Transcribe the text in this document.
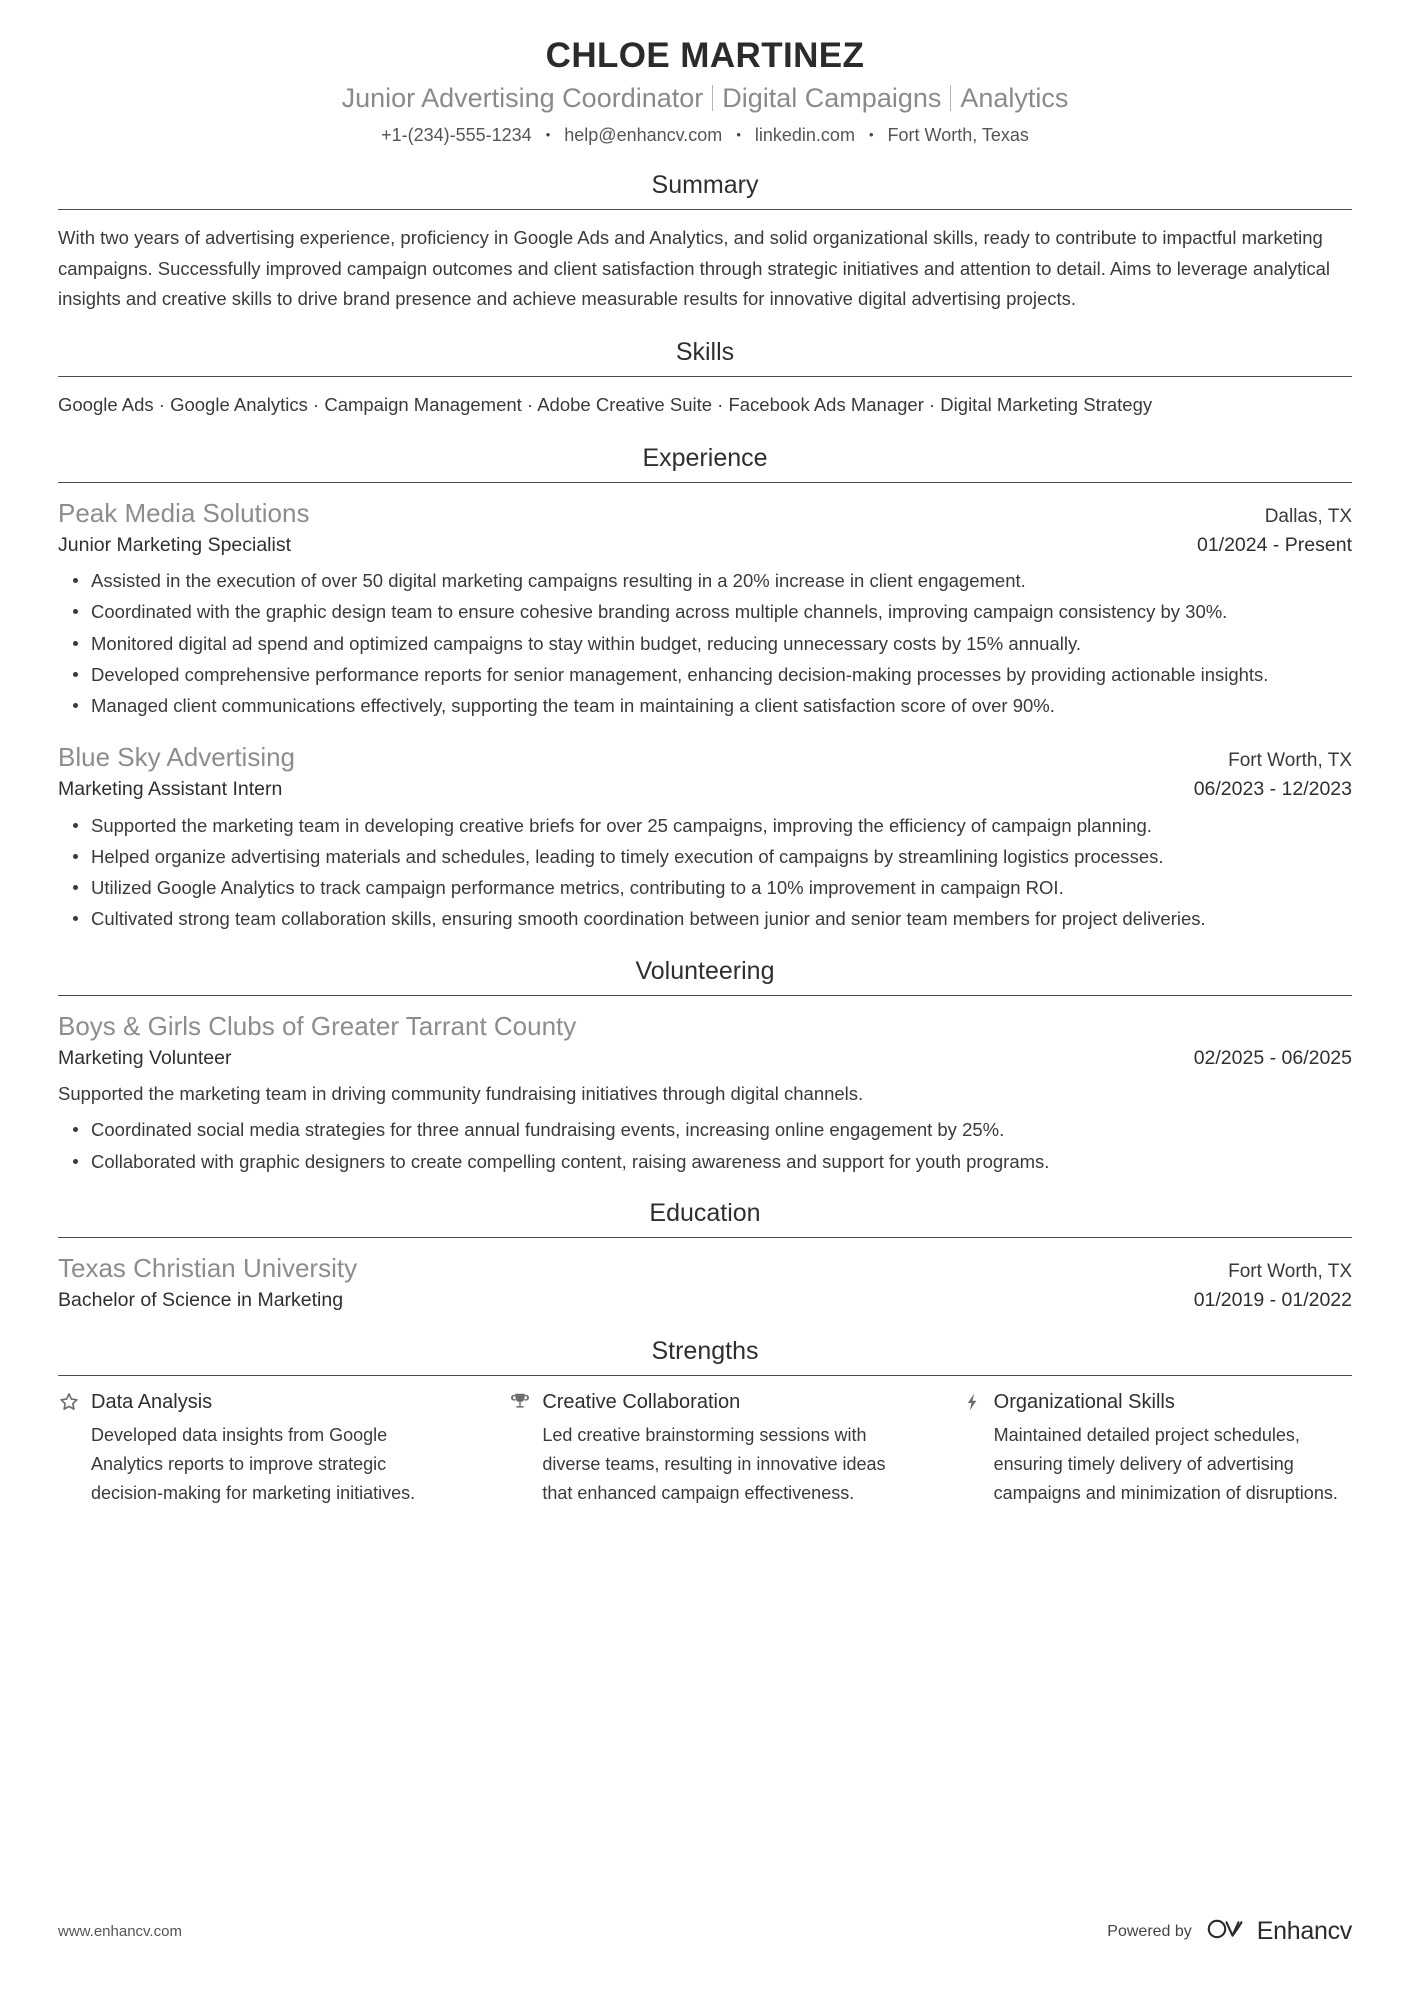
CHLOE MARTINEZ
Junior Advertising Coordinator Digital Campaigns Analytics
+1-(234)-555-1234 • help@enhancv.com • linkedin.com • Fort Worth, Texas
Summary
With two years of advertising experience, proficiency in Google Ads and Analytics, and solid organizational skills, ready to contribute to impactful marketing campaigns. Successfully improved campaign outcomes and client satisfaction through strategic initiatives and attention to detail. Aims to leverage analytical insights and creative skills to drive brand presence and achieve measurable results for innovative digital advertising projects.
Skills
Google Ads · Google Analytics · Campaign Management · Adobe Creative Suite · Facebook Ads Manager · Digital Marketing Strategy
Experience
Peak Media Solutions	Dallas, TX
Junior Marketing Specialist	01/2024 - Present
Assisted in the execution of over 50 digital marketing campaigns resulting in a 20% increase in client engagement.
Coordinated with the graphic design team to ensure cohesive branding across multiple channels, improving campaign consistency by 30%.
Monitored digital ad spend and optimized campaigns to stay within budget, reducing unnecessary costs by 15% annually.
Developed comprehensive performance reports for senior management, enhancing decision-making processes by providing actionable insights.
Managed client communications effectively, supporting the team in maintaining a client satisfaction score of over 90%.
Blue Sky Advertising	Fort Worth, TX
Marketing Assistant Intern	06/2023 - 12/2023
Supported the marketing team in developing creative briefs for over 25 campaigns, improving the efficiency of campaign planning.
Helped organize advertising materials and schedules, leading to timely execution of campaigns by streamlining logistics processes.
Utilized Google Analytics to track campaign performance metrics, contributing to a 10% improvement in campaign ROI.
Cultivated strong team collaboration skills, ensuring smooth coordination between junior and senior team members for project deliveries.
Volunteering
Boys & Girls Clubs of Greater Tarrant County
Marketing Volunteer	02/2025 - 06/2025
Supported the marketing team in driving community fundraising initiatives through digital channels.
Coordinated social media strategies for three annual fundraising events, increasing online engagement by 25%.
Collaborated with graphic designers to create compelling content, raising awareness and support for youth programs.
Education
Texas Christian University	Fort Worth, TX
Bachelor of Science in Marketing	01/2019 - 01/2022
Strengths
Data Analysis
Developed data insights from Google Analytics reports to improve strategic decision-making for marketing initiatives.
Creative Collaboration
Led creative brainstorming sessions with diverse teams, resulting in innovative ideas that enhanced campaign effectiveness.
Organizational Skills
Maintained detailed project schedules, ensuring timely delivery of advertising campaigns and minimization of disruptions.
www.enhancv.com	Powered by	Enhancv
